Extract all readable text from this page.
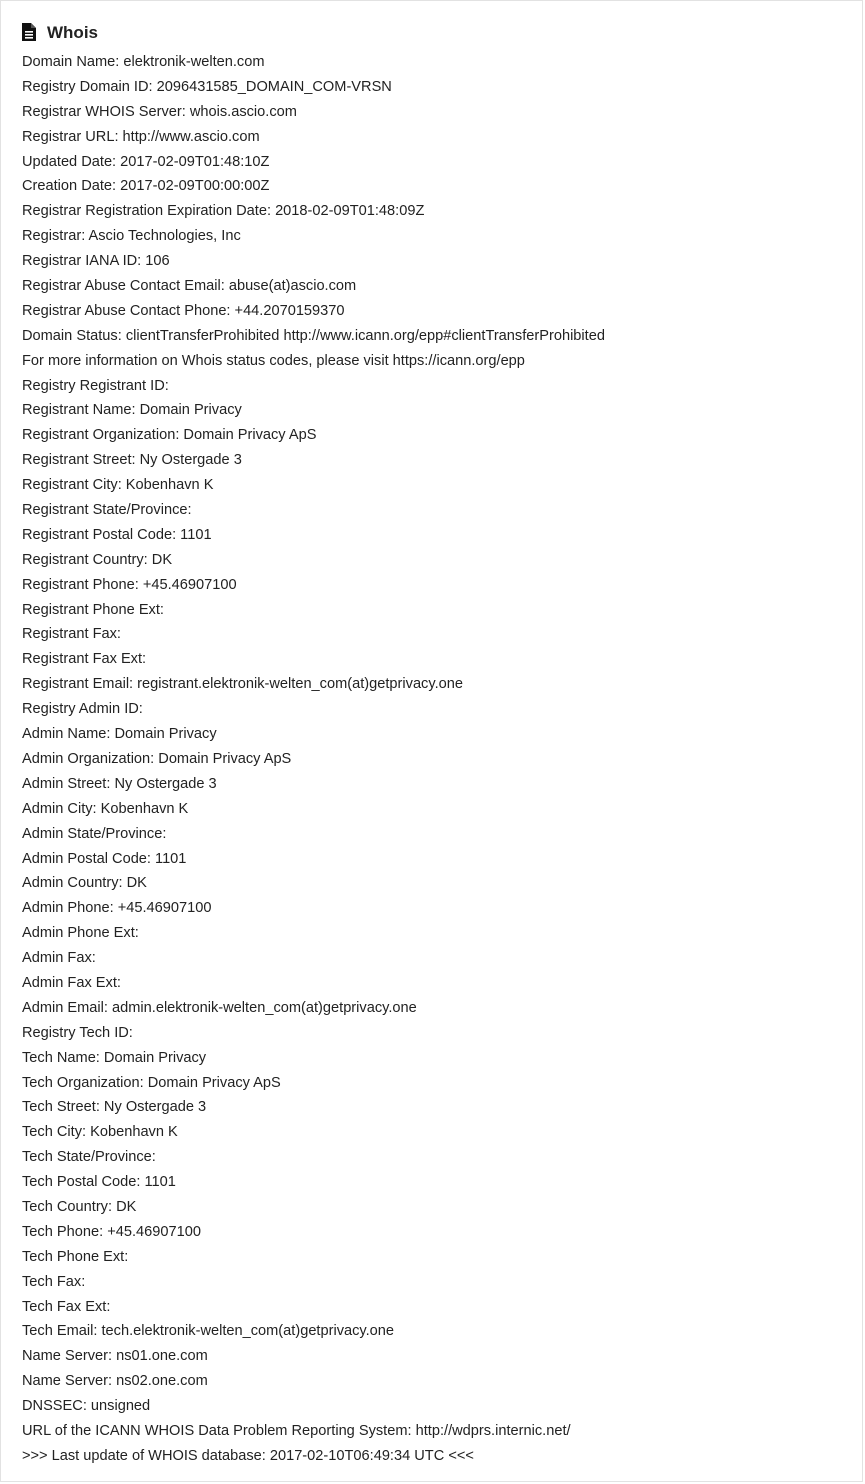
Whois
Domain Name: elektronik-welten.com
Registry Domain ID: 2096431585_DOMAIN_COM-VRSN
Registrar WHOIS Server: whois.ascio.com
Registrar URL: http://www.ascio.com
Updated Date: 2017-02-09T01:48:10Z
Creation Date: 2017-02-09T00:00:00Z
Registrar Registration Expiration Date: 2018-02-09T01:48:09Z
Registrar: Ascio Technologies, Inc
Registrar IANA ID: 106
Registrar Abuse Contact Email: abuse(at)ascio.com
Registrar Abuse Contact Phone: +44.2070159370
Domain Status: clientTransferProhibited http://www.icann.org/epp#clientTransferProhibited
For more information on Whois status codes, please visit https://icann.org/epp
Registry Registrant ID:
Registrant Name: Domain Privacy
Registrant Organization: Domain Privacy ApS
Registrant Street: Ny Ostergade 3
Registrant City: Kobenhavn K
Registrant State/Province:
Registrant Postal Code: 1101
Registrant Country: DK
Registrant Phone: +45.46907100
Registrant Phone Ext:
Registrant Fax:
Registrant Fax Ext:
Registrant Email: registrant.elektronik-welten_com(at)getprivacy.one
Registry Admin ID:
Admin Name: Domain Privacy
Admin Organization: Domain Privacy ApS
Admin Street: Ny Ostergade 3
Admin City: Kobenhavn K
Admin State/Province:
Admin Postal Code: 1101
Admin Country: DK
Admin Phone: +45.46907100
Admin Phone Ext:
Admin Fax:
Admin Fax Ext:
Admin Email: admin.elektronik-welten_com(at)getprivacy.one
Registry Tech ID:
Tech Name: Domain Privacy
Tech Organization: Domain Privacy ApS
Tech Street: Ny Ostergade 3
Tech City: Kobenhavn K
Tech State/Province:
Tech Postal Code: 1101
Tech Country: DK
Tech Phone: +45.46907100
Tech Phone Ext:
Tech Fax:
Tech Fax Ext:
Tech Email: tech.elektronik-welten_com(at)getprivacy.one
Name Server: ns01.one.com
Name Server: ns02.one.com
DNSSEC: unsigned
URL of the ICANN WHOIS Data Problem Reporting System: http://wdprs.internic.net/
>>> Last update of WHOIS database: 2017-02-10T06:49:34 UTC <<<
